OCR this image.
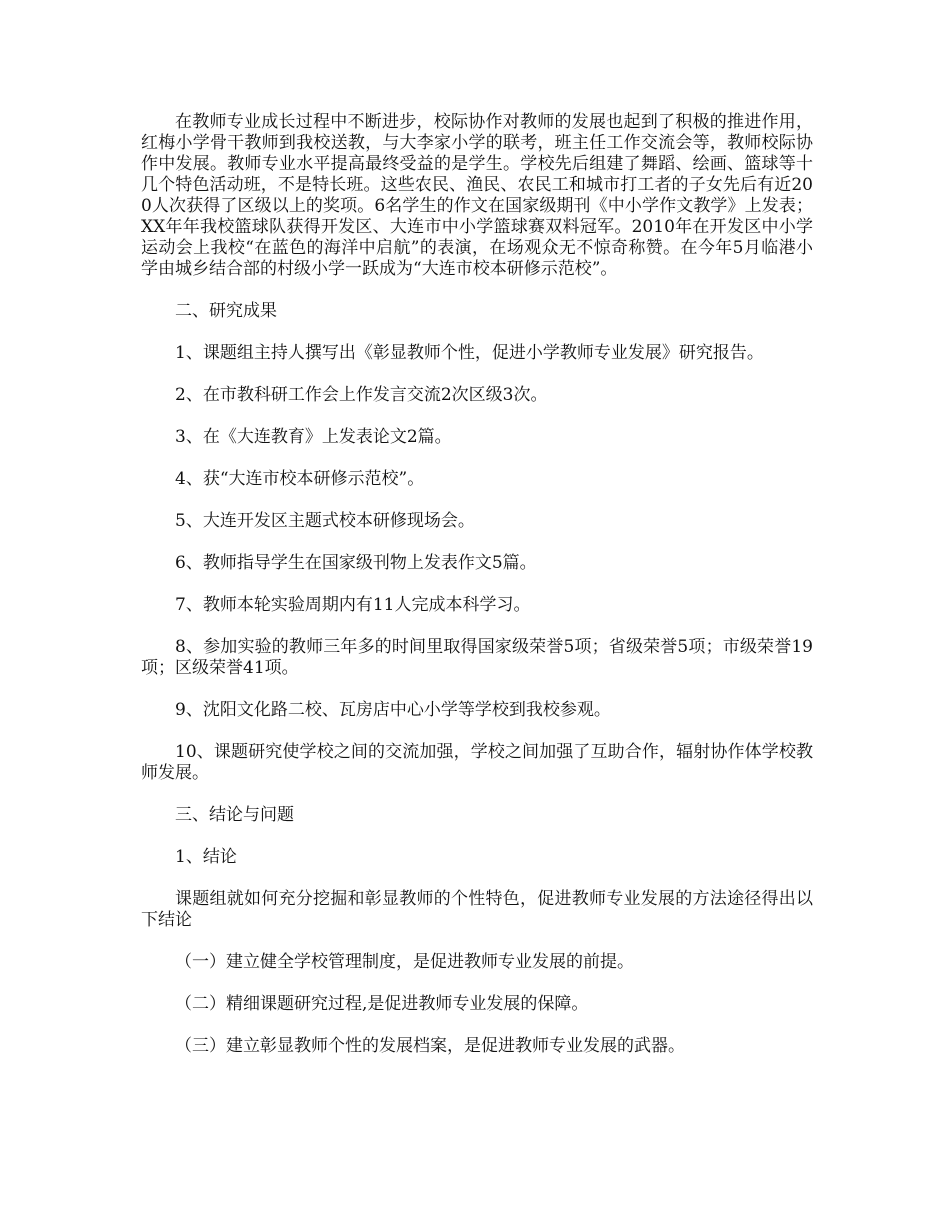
在教师专业成长过程中不断进步，校际协作对教师的发展也起到了积极的推进作用，红梅小学骨干教师到我校送教，与大李家小学的联考，班主任工作交流会等，教师校际协作中发展。教师专业水平提高最终受益的是学生。学校先后组建了舞蹈、绘画、篮球等十几个特色活动班，不是特长班。这些农民、渔民、农民工和城市打工者的子女先后有近200人次获得了区级以上的奖项。6名学生的作文在国家级期刊《中小学作文教学》上发表；XX年年我校篮球队获得开发区、大连市中小学篮球赛双料冠军。2010年在开发区中小学运动会上我校“在蓝色的海洋中启航”的表演，在场观众无不惊奇称赞。在今年5月临港小学由城乡结合部的村级小学一跃成为“大连市校本研修示范校”。

二、研究成果

1、课题组主持人撰写出《彰显教师个性，促进小学教师专业发展》研究报告。

2、在市教科研工作会上作发言交流2次区级3次。

3、在《大连教育》上发表论文2篇。

4、获“大连市校本研修示范校”。

5、大连开发区主题式校本研修现场会。

6、教师指导学生在国家级刊物上发表作文5篇。

7、教师本轮实验周期内有11人完成本科学习。

8、参加实验的教师三年多的时间里取得国家级荣誉5项；省级荣誉5项；市级荣誉19项；区级荣誉41项。

9、沈阳文化路二校、瓦房店中心小学等学校到我校参观。

10、课题研究使学校之间的交流加强，学校之间加强了互助合作，辐射协作体学校教师发展。

三、结论与问题

1、结论

课题组就如何充分挖掘和彰显教师的个性特色，促进教师专业发展的方法途径得出以下结论

（一）建立健全学校管理制度，是促进教师专业发展的前提。

（二）精细课题研究过程,是促进教师专业发展的保障。

（三）建立彰显教师个性的发展档案，是促进教师专业发展的武器。
